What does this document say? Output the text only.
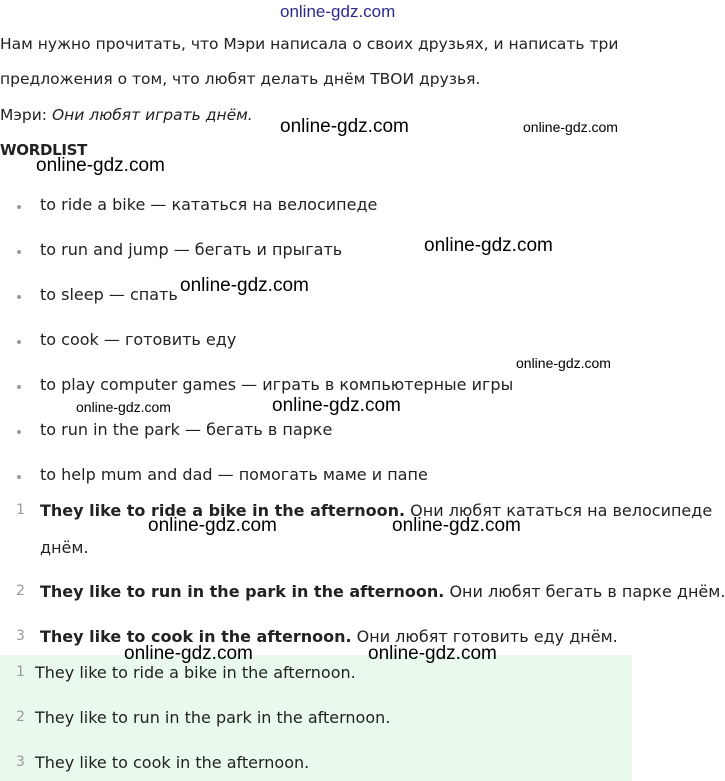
online-gdz.com
Нам нужно прочитать, что Мэри написала о своих друзьях, и написать три
предложения о том, что любят делать днём ТВОИ друзья.
Мэри: Они любят играть днём.
WORDLIST
to ride a bike — кататься на велосипеде
to run and jump — бегать и прыгать
to sleep — спать
to cook — готовить еду
to play computer games — играть в компьютерные игры
to run in the park — бегать в парке
to help mum and dad — помогать маме и папе
1 They like to ride a bike in the afternoon. Они любят кататься на велосипеде
днём.
2 They like to run in the park in the afternoon. Они любят бегать в парке днём.
3 They like to cook in the afternoon. Они любят готовить еду днём.
1 They like to ride a bike in the afternoon.
2 They like to run in the park in the afternoon.
3 They like to cook in the afternoon.
online-gdz.com	online-gdz.com
online-gdz.com
online-gdz.com
online-gdz.com
online-gdz.com
online-gdz.com	online-gdz.com
online-gdz.com	online-gdz.com
online-gdz.com	online-gdz.com
